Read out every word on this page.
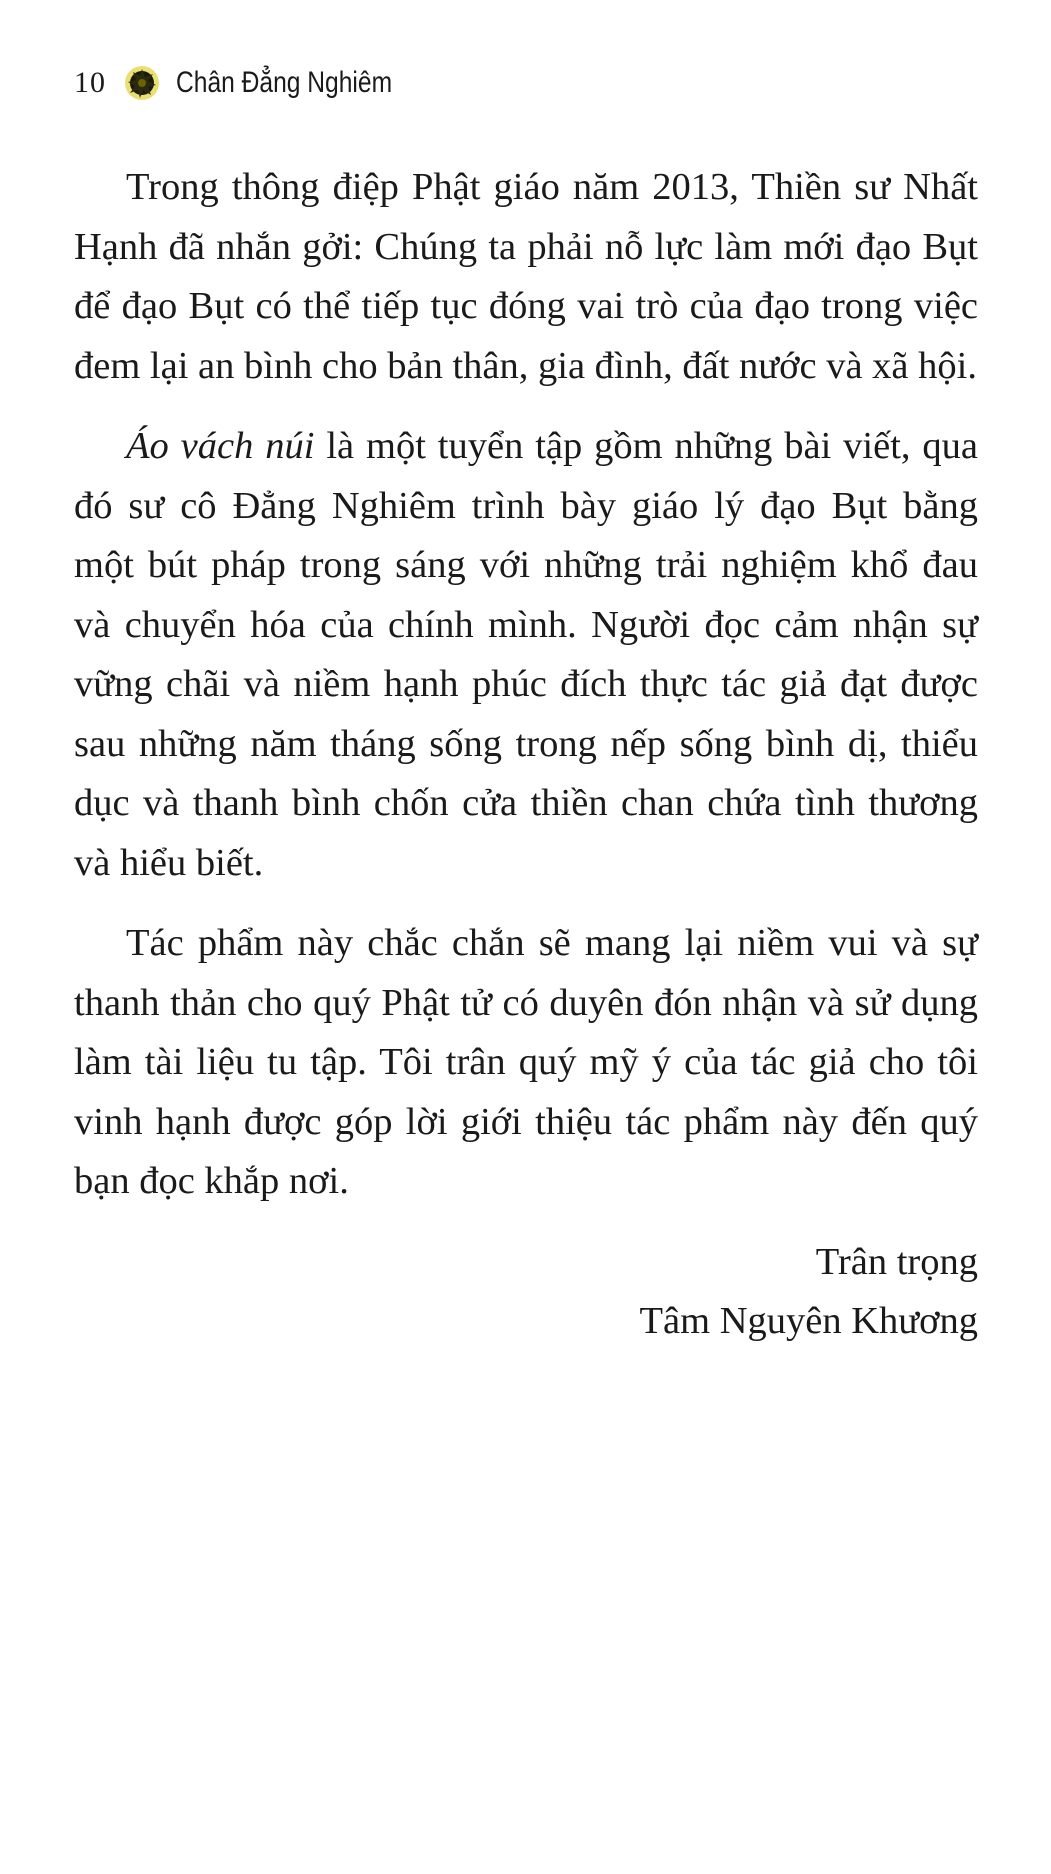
10 Chân Đẳng Nghiêm

Trong thông điệp Phật giáo năm 2013, Thiền sư Nhất Hạnh đã nhắn gởi: Chúng ta phải nỗ lực làm mới đạo Bụt để đạo Bụt có thể tiếp tục đóng vai trò của đạo trong việc đem lại an bình cho bản thân, gia đình, đất nước và xã hội.

Áo vách núi là một tuyển tập gồm những bài viết, qua đó sư cô Đẳng Nghiêm trình bày giáo lý đạo Bụt bằng một bút pháp trong sáng với những trải nghiệm khổ đau và chuyển hóa của chính mình. Người đọc cảm nhận sự vững chãi và niềm hạnh phúc đích thực tác giả đạt được sau những năm tháng sống trong nếp sống bình dị, thiểu dục và thanh bình chốn cửa thiền chan chứa tình thương và hiểu biết.

Tác phẩm này chắc chắn sẽ mang lại niềm vui và sự thanh thản cho quý Phật tử có duyên đón nhận và sử dụng làm tài liệu tu tập. Tôi trân quý mỹ ý của tác giả cho tôi vinh hạnh được góp lời giới thiệu tác phẩm này đến quý bạn đọc khắp nơi.

Trân trọng

Tâm Nguyên Khương
